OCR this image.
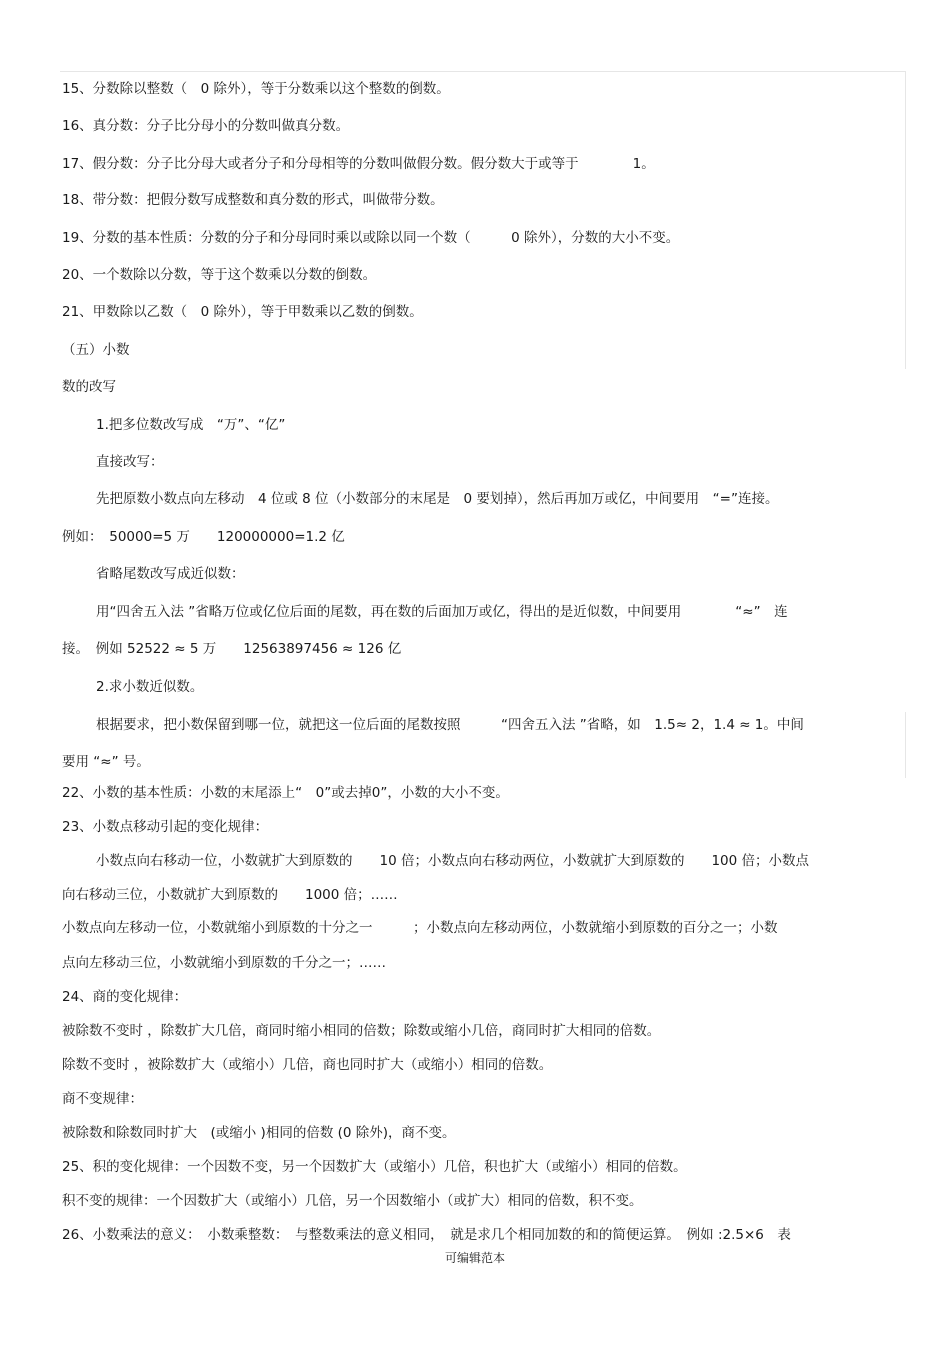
15、分数除以整数（　0 除外），等于分数乘以这个整数的倒数。
16、真分数：分子比分母小的分数叫做真分数。
17、假分数：分子比分母大或者分子和分母相等的分数叫做假分数。假分数大于或等于　　　　1。
18、带分数：把假分数写成整数和真分数的形式，叫做带分数。
19、分数的基本性质：分数的分子和分母同时乘以或除以同一个数（　　　0 除外），分数的大小不变。
20、一个数除以分数，等于这个数乘以分数的倒数。
21、甲数除以乙数（　0 除外），等于甲数乘以乙数的倒数。
（五）小数
数的改写
1.把多位数改写成　“万”、“亿”
直接改写：
先把原数小数点向左移动　4 位或 8 位（小数部分的末尾是　0 要划掉），然后再加万或亿，中间要用　“=”连接。
例如：　50000=5 万　　120000000=1.2 亿
省略尾数改写成近似数：
用“四舍五入法 ”省略万位或亿位后面的尾数，再在数的后面加万或亿，得出的是近似数，中间要用　　　　“≈”　连
接。　例如 52522 ≈ 5 万　　12563897456 ≈ 126 亿
2.求小数近似数。
根据要求，把小数保留到哪一位，就把这一位后面的尾数按照　　　“四舍五入法 ”省略，如　1.5≈ 2，1.4 ≈ 1。中间
要用 “≈” 号。
22、小数的基本性质：小数的末尾添上“　0”或去掉0”，小数的大小不变。
23、小数点移动引起的变化规律：
小数点向右移动一位，小数就扩大到原数的　　10 倍；小数点向右移动两位，小数就扩大到原数的　　100 倍；小数点
向右移动三位，小数就扩大到原数的　　1000 倍；……
小数点向左移动一位，小数就缩小到原数的十分之一　　　；小数点向左移动两位，小数就缩小到原数的百分之一；小数
点向左移动三位，小数就缩小到原数的千分之一；……
24、商的变化规律：
被除数不变时 ，除数扩大几倍，商同时缩小相同的倍数；除数或缩小几倍，商同时扩大相同的倍数。
除数不变时 ，被除数扩大（或缩小）几倍，商也同时扩大（或缩小）相同的倍数。
商不变规律：
被除数和除数同时扩大　(或缩小 )相同的倍数 (0 除外)，商不变。
25、积的变化规律：一个因数不变，另一个因数扩大（或缩小）几倍，积也扩大（或缩小）相同的倍数。
积不变的规律：一个因数扩大（或缩小）几倍，另一个因数缩小（或扩大）相同的倍数，积不变。
26、小数乘法的意义：　小数乘整数：　与整数乘法的意义相同，　就是求几个相同加数的和的简便运算。　例如 :2.5×6　表
可编辑范本
